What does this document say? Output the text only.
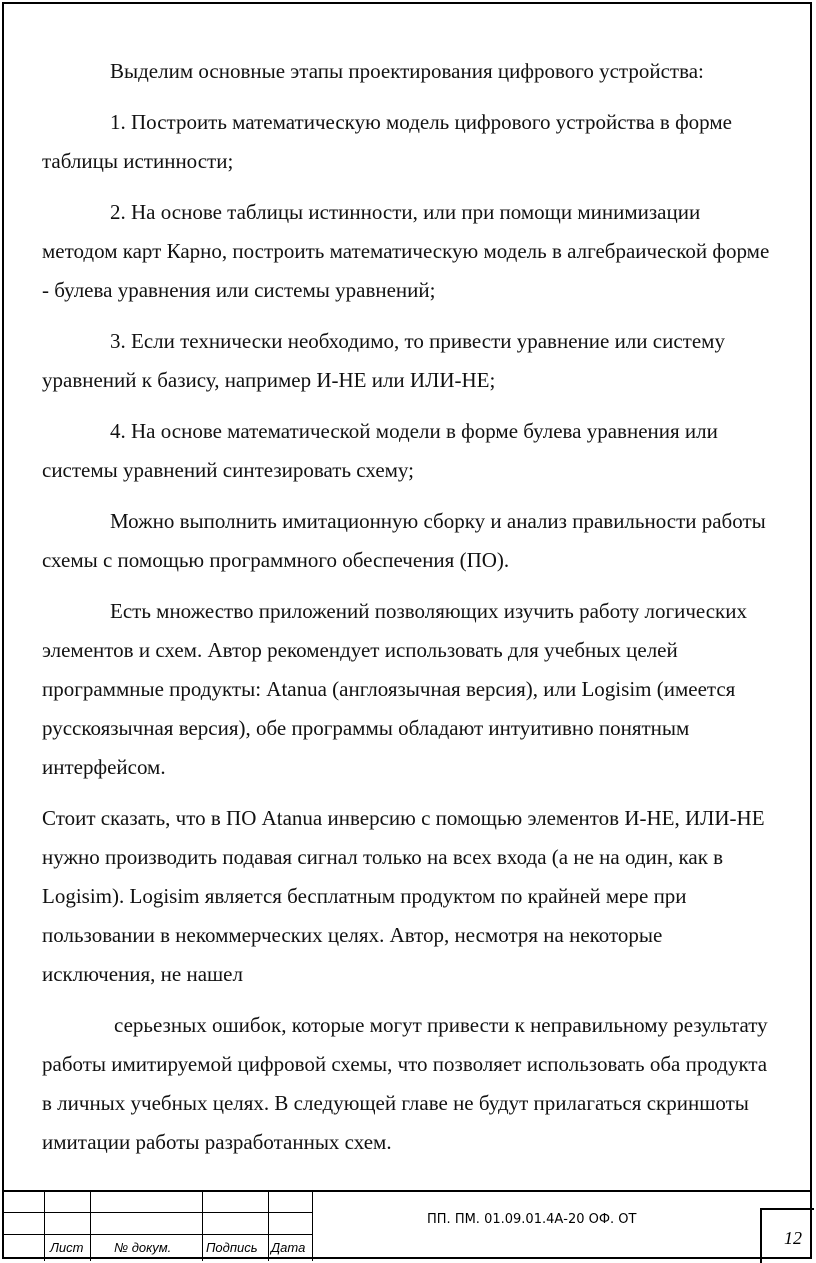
Выделим основные этапы проектирования цифрового устройства:

1. Построить математическую модель цифрового устройства в форме таблицы истинности;

2. На основе таблицы истинности, или при помощи минимизации методом карт Карно, построить математическую модель в алгебраической форме - булева уравнения или системы уравнений;

3. Если технически необходимо, то привести уравнение или систему уравнений к базису, например И-НЕ или ИЛИ-НЕ;

4. На основе математической модели в форме булева уравнения или системы уравнений синтезировать схему;

Можно выполнить имитационную сборку и анализ правильности работы схемы с помощью программного обеспечения (ПО).

Есть множество приложений позволяющих изучить работу логических элементов и схем. Автор рекомендует использовать для учебных целей программные продукты: Atanua (англоязычная версия), или Logisim (имеется русскоязычная версия), обе программы обладают интуитивно понятным интерфейсом.

Стоит сказать, что в ПО Atanua инверсию с помощью элементов И-НЕ, ИЛИ-НЕ нужно производить подавая сигнал только на всех входа (а не на один, как в Logisim). Logisim является бесплатным продуктом по крайней мере при пользовании в некоммерческих целях. Автор, несмотря на некоторые исключения, не нашел

серьезных ошибок, которые могут привести к неправильному результату работы имитируемой цифровой схемы, что позволяет использовать оба продукта в личных учебных целях. В следующей главе не будут прилагаться скриншоты имитации работы разработанных схем.

Лист № докум.	Подпись Дата
ПП. ПМ. 01.09.01.4А-20 ОФ. ОТ
12
